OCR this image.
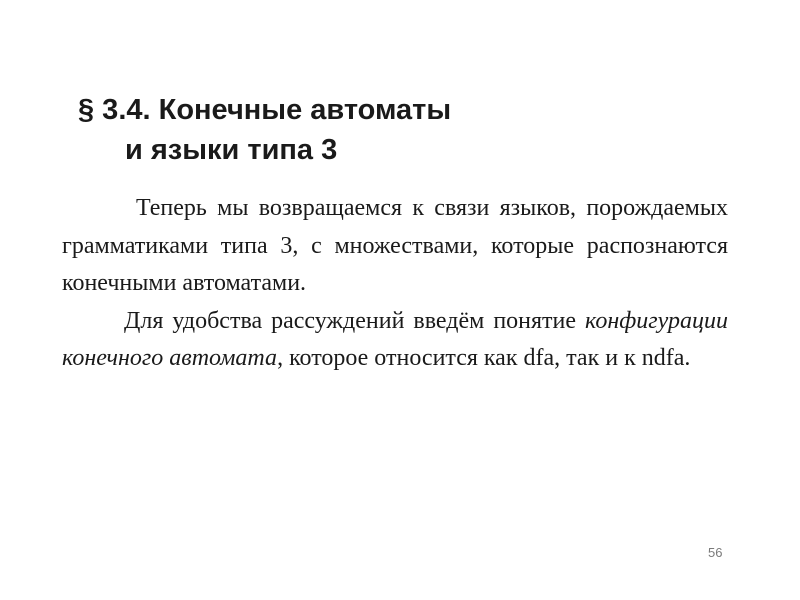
§ 3.4. Конечные автоматы
и языки типа 3

Теперь мы возвращаемся к связи языков, порождаемых грамматиками типа 3, с множествами, которые распознаются конечными автоматами.

Для удобства рассуждений введём понятие конфигурации конечного автомата, которое относится как dfa, так и к ndfa.

56
